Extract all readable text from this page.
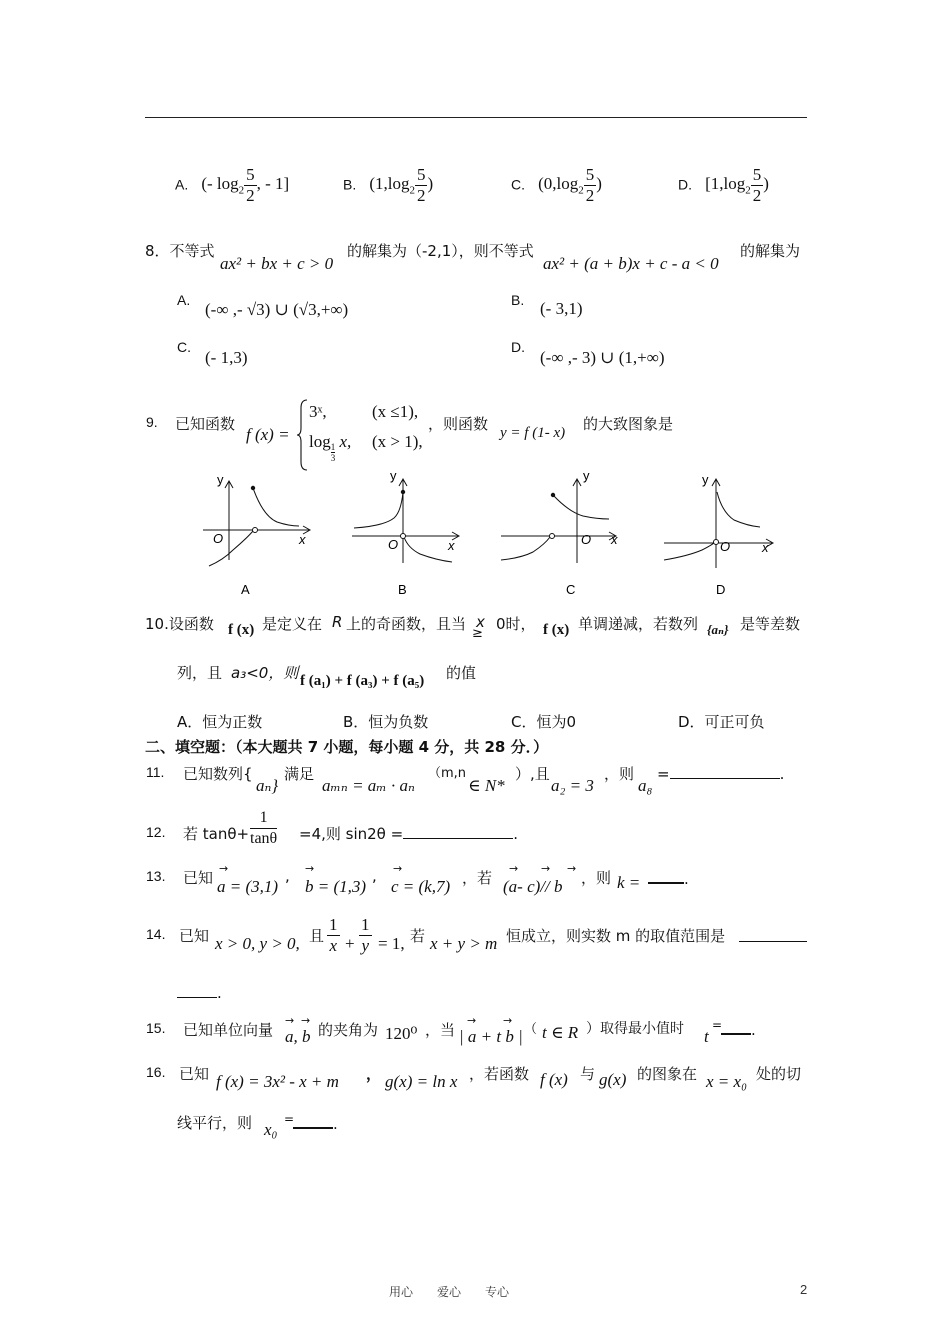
A. (- $\log_2 \frac{5}{2}$ , - 1]	B. ($1,\log_2 \frac{5}{2}$ )	C. ($0,\log_2 \frac{5}{2}$ )	D. [$1,\log_2 \frac{5}{2}$ )
8．不等式
ax² + bx + c > 0
的解集为（-2,1），则不等式
ax² + (a + b)x + c - a < 0
的解集为
A. (-∞ ,- √3) ∪ (√3,+∞)	B. (- 3,1)
C.
(- 1,3)
D.
(-∞ ,- 3) ∪ (1,+∞)
9. 已知函数
f (x) =
3ˣ,	(x ≤1),
log
$\frac{1}{3}$
x, (x > 1),
，则函数 y = f (1- x) 的大致图象是
y
x
O
A
y
x
O
B
y
x
O
C
y
x
O
D
10.设函数 f (x) 是定义在 R 上的奇函数，且当 x
≥
0时， f (x) 单调递减，若数列 {aₙ} 是等差数
列，且 a₃<0，则 f (a₁) + f (a₃) + f (a₅) 的值
A．恒为正数	B．恒为负数	C．恒为0	D．可正可负
二、填空题：（本大题共 7 小题，每小题 4 分，共 28 分．）
11. 已知数列{
aₙ}
满足
aₘₙ = aₘ · aₙ
（m,n
∈ N*
）,且
a₂ = 3
，则
a₈
=	.
12. 若 $\tan\theta+ \frac{1}{\tan\theta} =4$,则 sin2θ =	.
13. 已知
→
a = (3,1)
, →
b = (1,3)
, →
c = (k,7) ，若
→ → →
(a- c)// b ，则 k =	.
14. 已知 x > 0, y > 0, 且 $\frac{1}{x} + \frac{1}{y} = 1$, 若 x + y > m 恒成立，则实数 m 的取值范围是
.
15. 已知单位向量
→ →
a, b 的夹角为 120⁰ ，当
→ →
| a + t b | （ t ∈ R ）取得最小值时 t
=	.
16. 已知 f (x) = 3x² - x + m ， g(x) = ln x ，若函数 f (x) 与 g(x) 的图象在 x = x₀ 处的切
线平行，则 x₀
=	.
用心　　爱心　　专心	2
